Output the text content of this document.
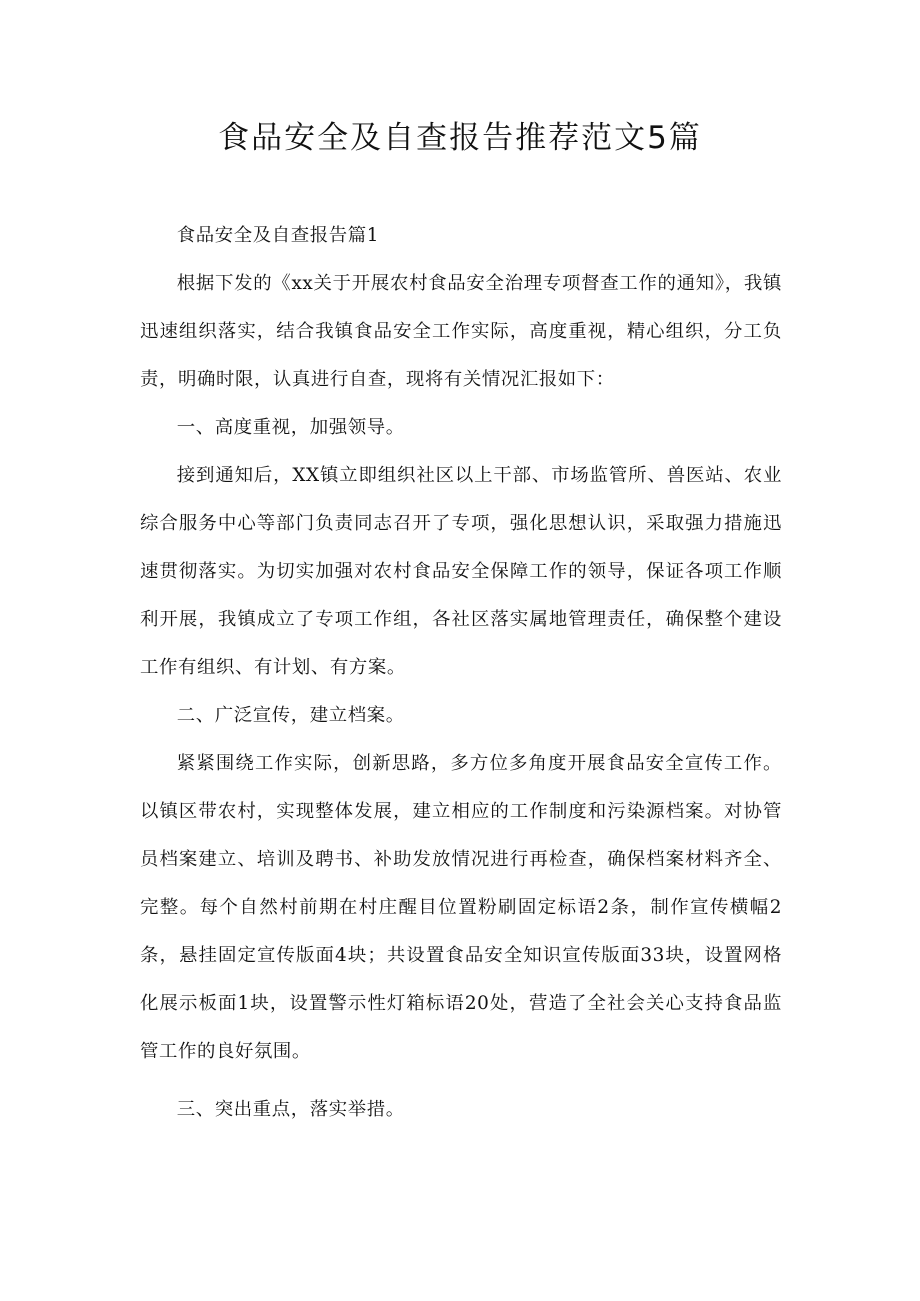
食品安全及自查报告推荐范文5篇

食品安全及自查报告篇1

根据下发的《xx关于开展农村食品安全治理专项督查工作的通知》，我镇迅速组织落实，结合我镇食品安全工作实际，高度重视，精心组织，分工负责，明确时限，认真进行自查，现将有关情况汇报如下：

一、高度重视，加强领导。

接到通知后，XX镇立即组织社区以上干部、市场监管所、兽医站、农业综合服务中心等部门负责同志召开了专项，强化思想认识，采取强力措施迅速贯彻落实。为切实加强对农村食品安全保障工作的领导，保证各项工作顺利开展，我镇成立了专项工作组，各社区落实属地管理责任，确保整个建设工作有组织、有计划、有方案。

二、广泛宣传，建立档案。

紧紧围绕工作实际，创新思路，多方位多角度开展食品安全宣传工作。以镇区带农村，实现整体发展，建立相应的工作制度和污染源档案。对协管员档案建立、培训及聘书、补助发放情况进行再检查，确保档案材料齐全、完整。每个自然村前期在村庄醒目位置粉刷固定标语2条，制作宣传横幅2条，悬挂固定宣传版面4块；共设置食品安全知识宣传版面33块，设置网格化展示板面1块，设置警示性灯箱标语20处，营造了全社会关心支持食品监管工作的良好氛围。

三、突出重点，落实举措。
